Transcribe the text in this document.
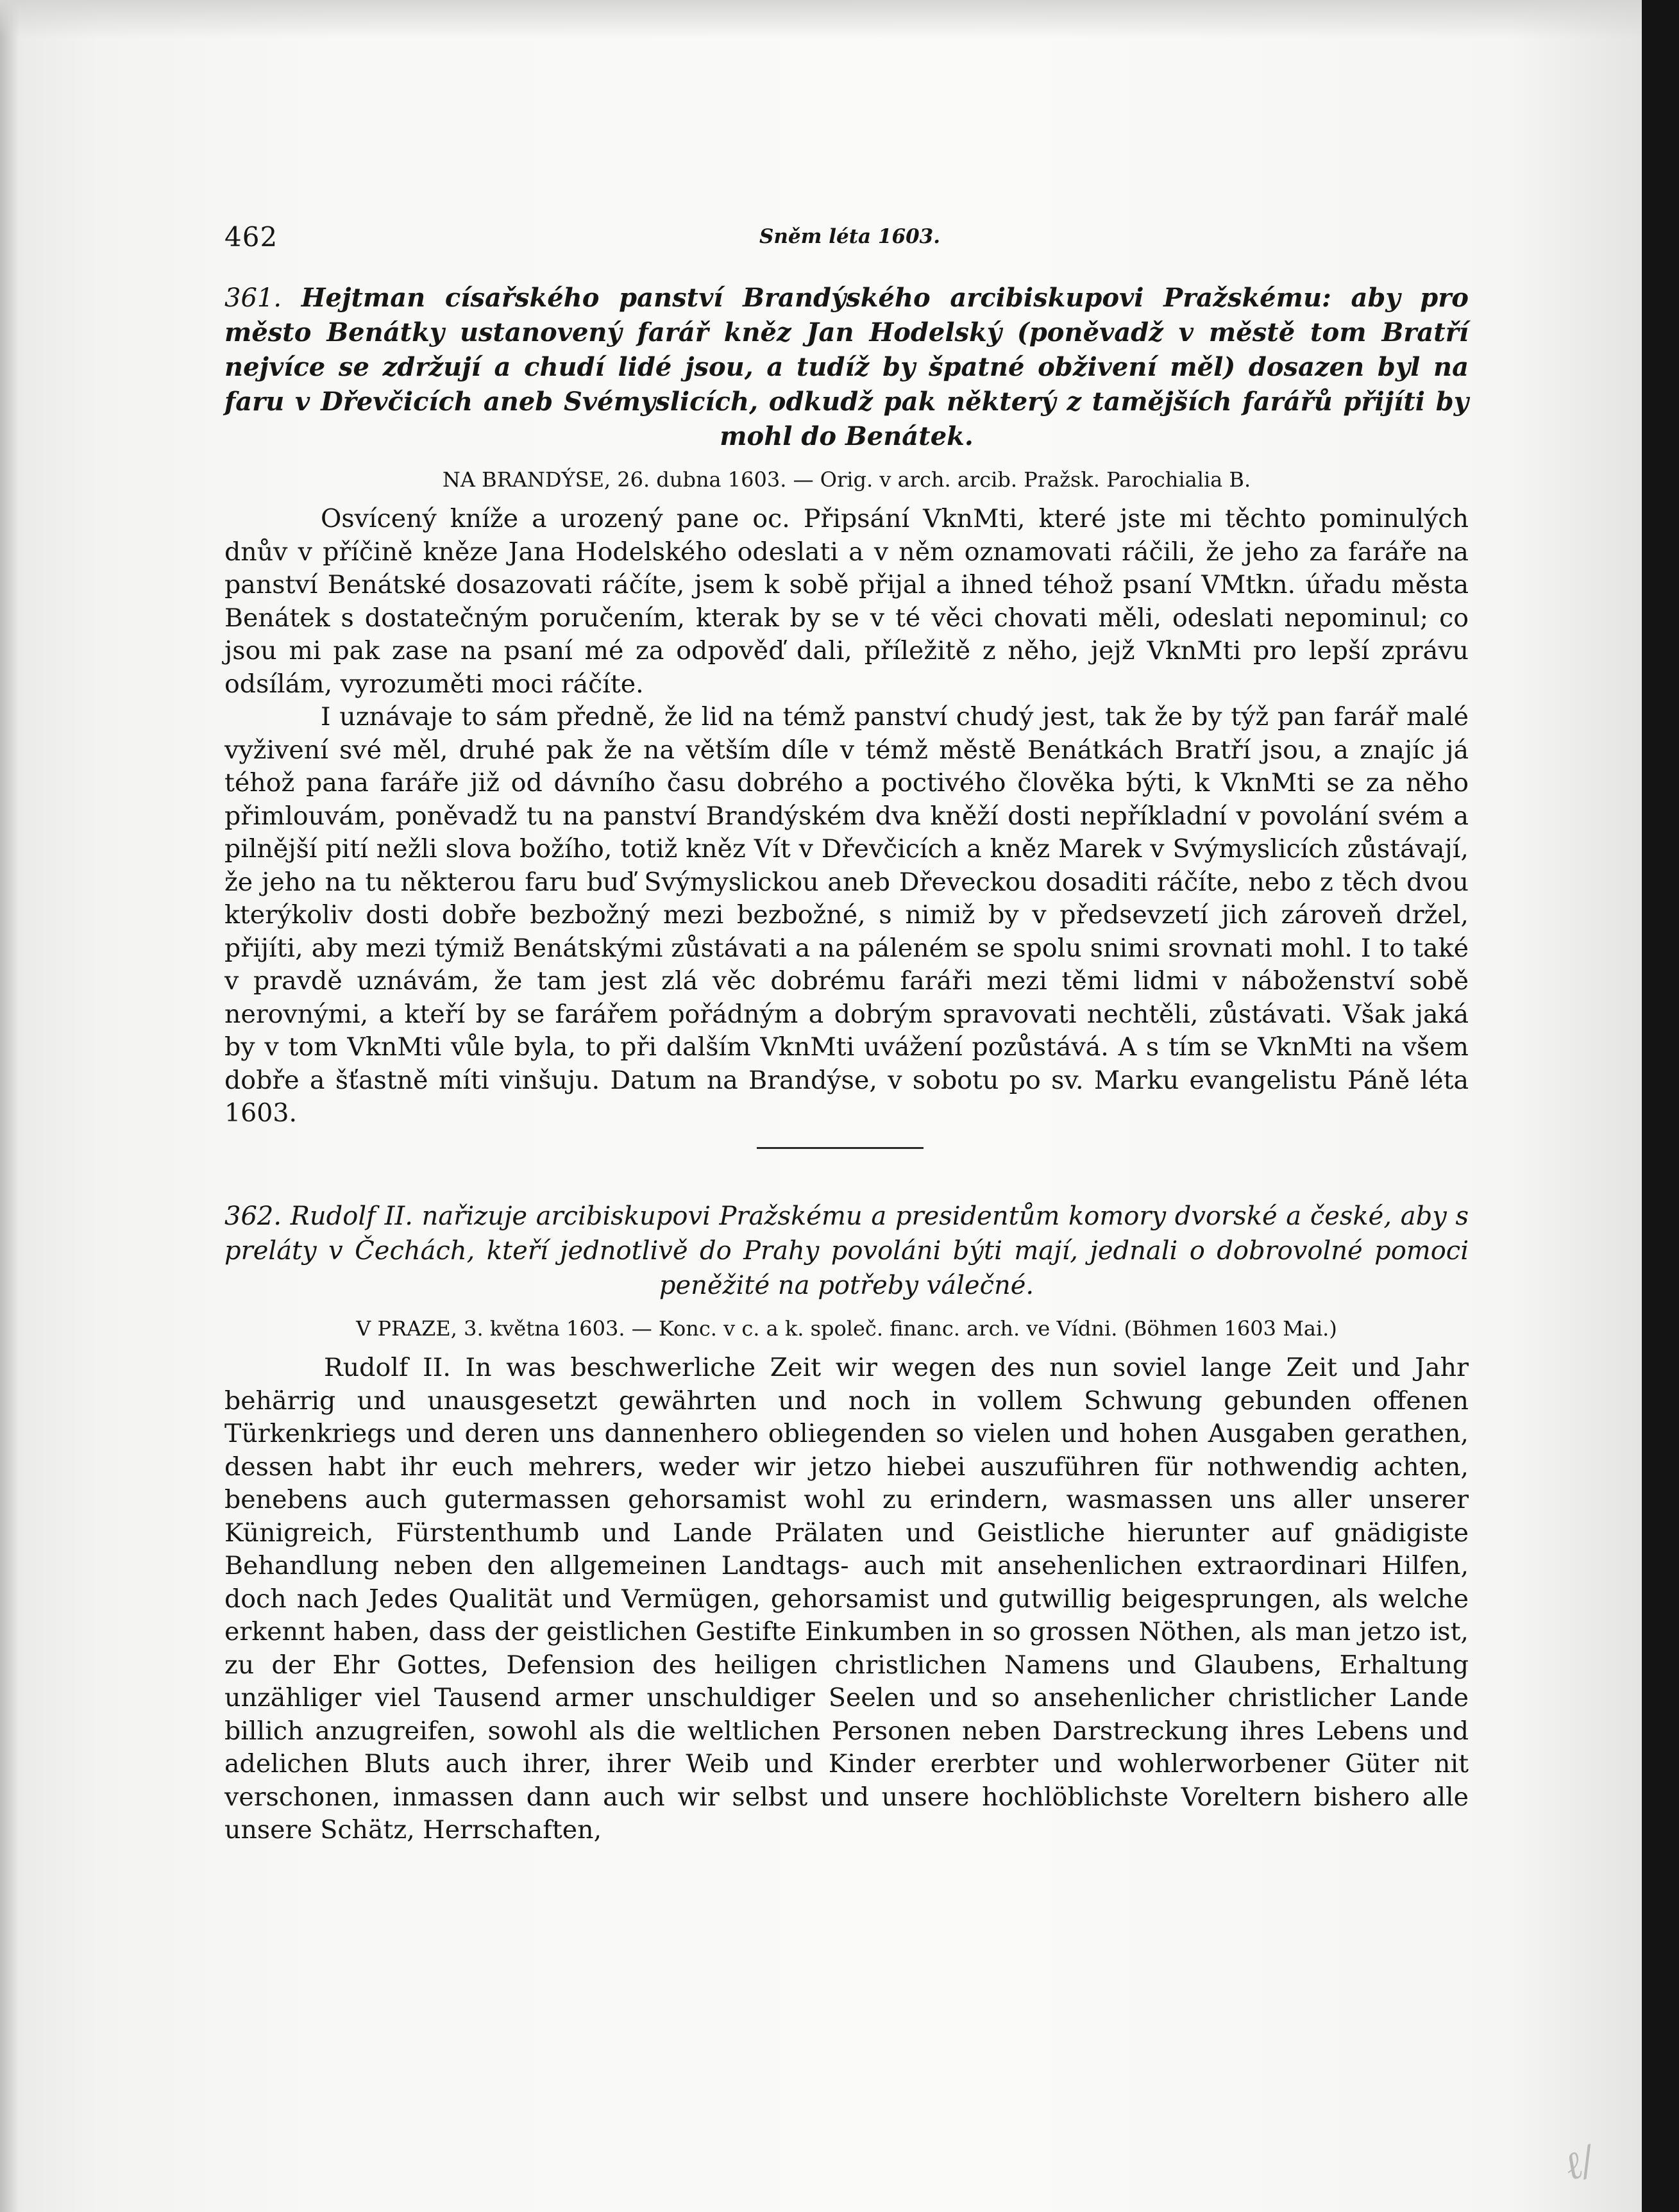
462	Sněm léta 1603.

361. Hejtman císařského panství Brandýského arcibiskupovi Pražskému: aby pro město Benátky ustanovený farář kněz Jan Hodelský (poněvadž v městě tom Bratří nejvíce se zdržují a chudí lidé jsou, a tudíž by špatné obživení měl) dosazen byl na faru v Dřevčicích aneb Svémyslicích, odkudž pak některý z tamějších farářů přijíti by mohl do Benátek.

NA BRANDÝSE, 26. dubna 1603. — Orig. v arch. arcib. Pražsk. Parochialia B.

Osvícený kníže a urozený pane oc. Připsání VknMti, které jste mi těchto pominulých dnův v příčině kněze Jana Hodelského odeslati a v něm oznamovati ráčili, že jeho za faráře na panství Benátské dosazovati ráčíte, jsem k sobě přijal a ihned téhož psaní VMtkn. úřadu města Benátek s dostatečným poručením, kterak by se v té věci chovati měli, odeslati nepominul; co jsou mi pak zase na psaní mé za odpověď dali, příležitě z něho, jejž VknMti pro lepší zprávu odsílám, vyrozuměti moci ráčíte.

I uznávaje to sám předně, že lid na témž panství chudý jest, tak že by týž pan farář malé vyživení své měl, druhé pak že na větším díle v témž městě Benátkách Bratří jsou, a znajíc já téhož pana faráře již od dávního času dobrého a poctivého člověka býti, k VknMti se za něho přimlouvám, poněvadž tu na panství Brandýském dva kněží dosti nepříkladní v povolání svém a pilnější pití nežli slova božího, totiž kněz Vít v Dřevčicích a kněz Marek v Svýmyslicích zůstávají, že jeho na tu některou faru buď Svýmyslickou aneb Dřeveckou dosaditi ráčíte, nebo z těch dvou kterýkoliv dosti dobře bezbožný mezi bezbožné, s nimiž by v předsevzetí jich zároveň držel, přijíti, aby mezi týmiž Benátskými zůstávati a na páleném se spolu snimi srovnati mohl. I to také v pravdě uznávám, že tam jest zlá věc dobrému faráři mezi těmi lidmi v náboženství sobě nerovnými, a kteří by se farářem pořádným a dobrým spravovati nechtěli, zůstávati. Však jaká by v tom VknMti vůle byla, to při dalším VknMti uvážení pozůstává. A s tím se VknMti na všem dobře a šťastně míti vinšuju. Datum na Brandýse, v sobotu po sv. Marku evangelistu Páně léta 1603.

362. Rudolf II. nařizuje arcibiskupovi Pražskému a presidentům komory dvorské a české, aby s preláty v Čechách, kteří jednotlivě do Prahy povoláni býti mají, jednali o dobrovolné pomoci peněžité na potřeby válečné.

V PRAZE, 3. května 1603. — Konc. v c. a k. společ. financ. arch. ve Vídni. (Böhmen 1603 Mai.)

Rudolf II. In was beschwerliche Zeit wir wegen des nun soviel lange Zeit und Jahr behärrig und unausgesetzt gewährten und noch in vollem Schwung gebunden offenen Türkenkriegs und deren uns dannenhero obliegenden so vielen und hohen Ausgaben gerathen, dessen habt ihr euch mehrers, weder wir jetzo hiebei auszuführen für nothwendig achten, benebens auch gutermassen gehorsamist wohl zu erindern, wasmassen uns aller unserer Künigreich, Fürstenthumb und Lande Prälaten und Geistliche hierunter auf gnädigiste Behandlung neben den allgemeinen Landtags- auch mit ansehenlichen extraordinari Hilfen, doch nach Jedes Qualität und Vermügen, gehorsamist und gutwillig beigesprungen, als welche erkennt haben, dass der geistlichen Gestifte Einkumben in so grossen Nöthen, als man jetzo ist, zu der Ehr Gottes, Defension des heiligen christlichen Namens und Glaubens, Erhaltung unzähliger viel Tausend armer unschuldiger Seelen und so ansehenlicher christlicher Lande billich anzugreifen, sowohl als die weltlichen Personen neben Darstreckung ihres Lebens und adelichen Bluts auch ihrer, ihrer Weib und Kinder ererbter und wohlerworbener Güter nit verschonen, inmassen dann auch wir selbst und unsere hochlöblichste Voreltern bishero alle unsere Schätz, Herrschaften,

ℓ/
